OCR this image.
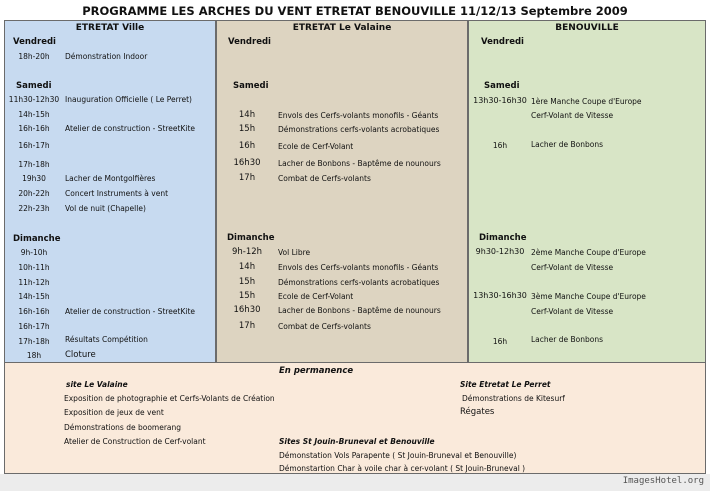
PROGRAMME LES ARCHES DU VENT ETRETAT BENOUVILLE 11/12/13 Septembre 2009
ETRETAT Ville
Vendredi
18h-20h	Démonstration Indoor
Samedi
11h30-12h30 Inauguration Officielle ( Le Perret)
14h-15h
16h-16h	Atelier de construction - StreetKite
16h-17h
17h-18h
19h30	Lacher de Montgolfières
20h-22h	Concert Instruments à vent
22h-23h	Vol de nuit (Chapelle)
Dimanche
9h-10h
10h-11h
11h-12h
14h-15h
16h-16h	Atelier de construction - StreetKite
16h-17h
17h-18h	Résultats Compétition
18h	Cloture
ETRETAT Le Valaine
Vendredi
Samedi
14h	Envols des Cerfs-volants monofils - Géants
15h	Démonstrations cerfs-volants acrobatiques
16h	Ecole de Cerf-Volant
16h30	Lacher de Bonbons - Baptême de nounours
17h	Combat de Cerfs-volants
Dimanche
9h-12h	Vol Libre
14h	Envols des Cerfs-volants monofils - Géants
15h	Démonstrations cerfs-volants acrobatiques
15h	Ecole de Cerf-Volant
16h30	Lacher de Bonbons - Baptême de nounours
17h	Combat de Cerfs-volants
BENOUVILLE
Vendredi
Samedi
13h30-16h30 1ère Manche Coupe d'Europe
Cerf-Volant de Vitesse
16h	Lacher de Bonbons
Dimanche
9h30-12h30 2ème Manche Coupe d'Europe
Cerf-Volant de Vitesse
13h30-16h30 3ème Manche Coupe d'Europe
Cerf-Volant de Vitesse
16h	Lacher de Bonbons
En permanence
site Le Valaine
Exposition de photographie et Cerfs-Volants de Création
Exposition de jeux de vent
Démonstrations de boomerang
Atelier de Construction de Cerf-volant
Site Etretat Le Perret
Démonstrations de Kitesurf
Régates
Sites St Jouin-Bruneval et Benouville
Démonstation Vols Parapente ( St Jouin-Bruneval et Benouville)
Démonstartion Char à voile char à cer-volant ( St Jouin-Bruneval )
ImagesHotel.org
